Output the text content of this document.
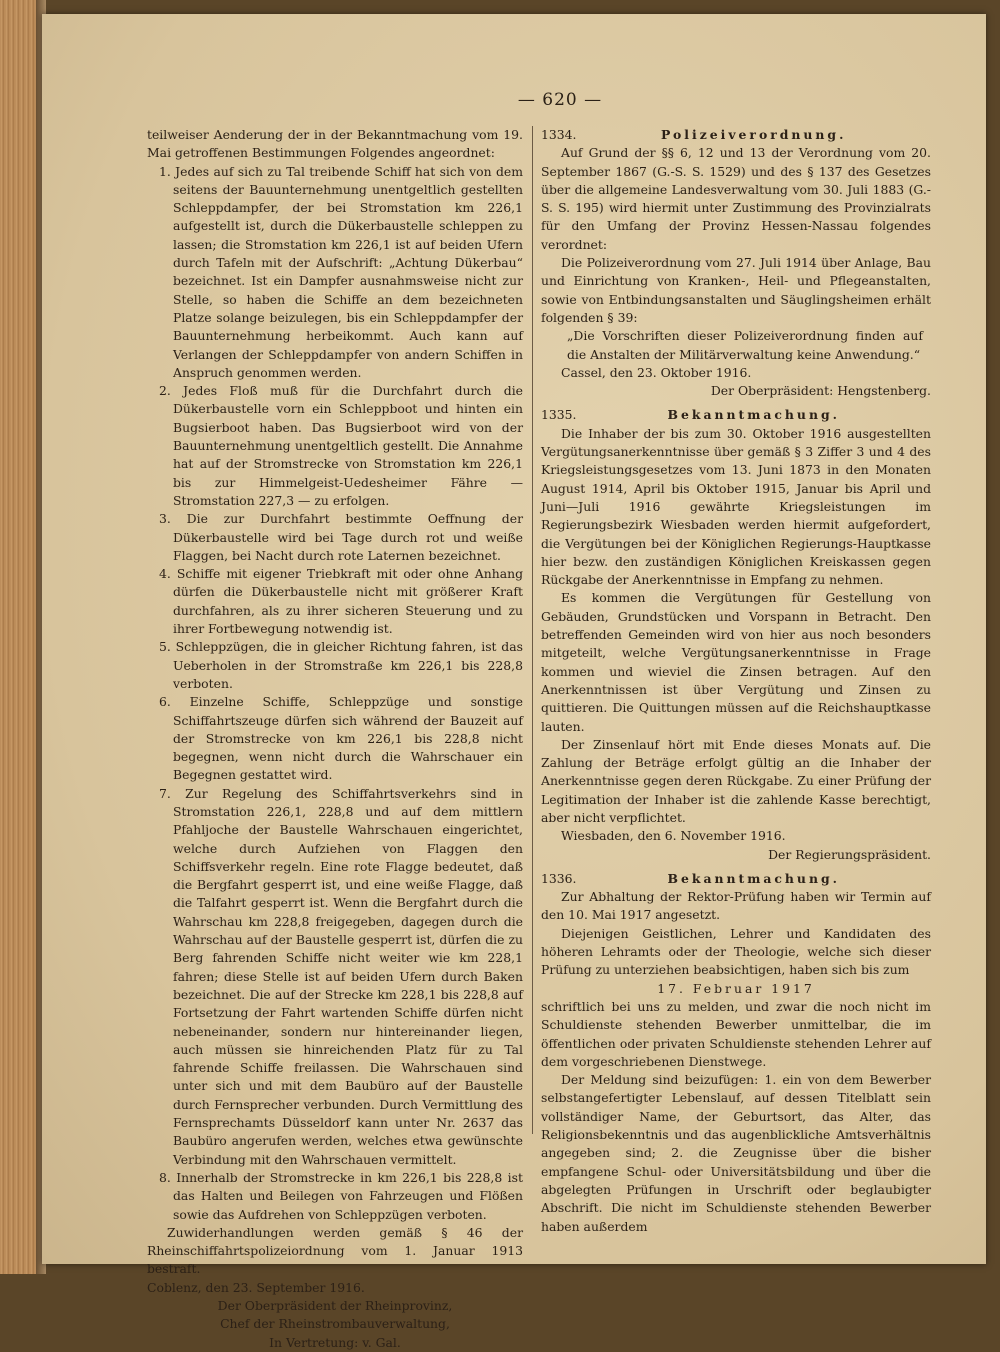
— 620 —

teilweiser Aenderung der in der Bekanntmachung vom 19. Mai getroffenen Bestimmungen Folgendes angeordnet:

1. Jedes auf sich zu Tal treibende Schiff hat sich von dem seitens der Bauunternehmung unentgeltlich gestellten Schleppdampfer, der bei Stromstation km 226,1 aufgestellt ist, durch die Dükerbaustelle schleppen zu lassen; die Stromstation km 226,1 ist auf beiden Ufern durch Tafeln mit der Aufschrift: „Achtung Dükerbau“ bezeichnet. Ist ein Dampfer ausnahmsweise nicht zur Stelle, so haben die Schiffe an dem bezeichneten Platze solange beizulegen, bis ein Schleppdampfer der Bauunternehmung herbeikommt. Auch kann auf Verlangen der Schleppdampfer von andern Schiffen in Anspruch genommen werden.

2. Jedes Floß muß für die Durchfahrt durch die Dükerbaustelle vorn ein Schleppboot und hinten ein Bugsierboot haben. Das Bugsierboot wird von der Bauunternehmung unentgeltlich gestellt. Die Annahme hat auf der Stromstrecke von Stromstation km 226,1 bis zur Himmelgeist-Uedesheimer Fähre — Stromstation 227,3 — zu erfolgen.

3. Die zur Durchfahrt bestimmte Oeffnung der Dükerbaustelle wird bei Tage durch rot und weiße Flaggen, bei Nacht durch rote Laternen bezeichnet.

4. Schiffe mit eigener Triebkraft mit oder ohne Anhang dürfen die Dükerbaustelle nicht mit größerer Kraft durchfahren, als zu ihrer sicheren Steuerung und zu ihrer Fortbewegung notwendig ist.

5. Schleppzügen, die in gleicher Richtung fahren, ist das Ueberholen in der Stromstraße km 226,1 bis 228,8 verboten.

6. Einzelne Schiffe, Schleppzüge und sonstige Schiffahrtszeuge dürfen sich während der Bauzeit auf der Stromstrecke von km 226,1 bis 228,8 nicht begegnen, wenn nicht durch die Wahrschauer ein Begegnen gestattet wird.

7. Zur Regelung des Schiffahrtsverkehrs sind in Stromstation 226,1, 228,8 und auf dem mittlern Pfahljoche der Baustelle Wahrschauen eingerichtet, welche durch Aufziehen von Flaggen den Schiffsverkehr regeln. Eine rote Flagge bedeutet, daß die Bergfahrt gesperrt ist, und eine weiße Flagge, daß die Talfahrt gesperrt ist. Wenn die Bergfahrt durch die Wahrschau km 228,8 freigegeben, dagegen durch die Wahrschau auf der Baustelle gesperrt ist, dürfen die zu Berg fahrenden Schiffe nicht weiter wie km 228,1 fahren; diese Stelle ist auf beiden Ufern durch Baken bezeichnet. Die auf der Strecke km 228,1 bis 228,8 auf Fortsetzung der Fahrt wartenden Schiffe dürfen nicht nebeneinander, sondern nur hintereinander liegen, auch müssen sie hinreichenden Platz für zu Tal fahrende Schiffe freilassen. Die Wahrschauen sind unter sich und mit dem Baubüro auf der Baustelle durch Fernsprecher verbunden. Durch Vermittlung des Fernsprechamts Düsseldorf kann unter Nr. 2637 das Baubüro angerufen werden, welches etwa gewünschte Verbindung mit den Wahrschauen vermittelt.

8. Innerhalb der Stromstrecke in km 226,1 bis 228,8 ist das Halten und Beilegen von Fahrzeugen und Flößen sowie das Aufdrehen von Schleppzügen verboten.

Zuwiderhandlungen werden gemäß § 46 der Rheinschiffahrtspolizeiordnung vom 1. Januar 1913 bestraft.

Coblenz, den 23. September 1916.

Der Oberpräsident der Rheinprovinz,

Chef der Rheinstrombauverwaltung,

In Vertretung: v. Gal.

1334.	Polizeiverordnung.

Auf Grund der §§ 6, 12 und 13 der Verordnung vom 20. September 1867 (G.-S. S. 1529) und des § 137 des Gesetzes über die allgemeine Landesverwaltung vom 30. Juli 1883 (G.-S. S. 195) wird hiermit unter Zustimmung des Provinzialrats für den Umfang der Provinz Hessen-Nassau folgendes verordnet:

Die Polizeiverordnung vom 27. Juli 1914 über Anlage, Bau und Einrichtung von Kranken-, Heil- und Pflegeanstalten, sowie von Entbindungsanstalten und Säuglingsheimen erhält folgenden § 39:

„Die Vorschriften dieser Polizeiverordnung finden auf die Anstalten der Militärverwaltung keine Anwendung.“

Cassel, den 23. Oktober 1916.

Der Oberpräsident: Hengstenberg.

1335.	Bekanntmachung.

Die Inhaber der bis zum 30. Oktober 1916 ausgestellten Vergütungsanerkenntnisse über gemäß § 3 Ziffer 3 und 4 des Kriegsleistungsgesetzes vom 13. Juni 1873 in den Monaten August 1914, April bis Oktober 1915, Januar bis April und Juni—Juli 1916 gewährte Kriegsleistungen im Regierungsbezirk Wiesbaden werden hiermit aufgefordert, die Vergütungen bei der Königlichen Regierungs-Hauptkasse hier bezw. den zuständigen Königlichen Kreiskassen gegen Rückgabe der Anerkenntnisse in Empfang zu nehmen.

Es kommen die Vergütungen für Gestellung von Gebäuden, Grundstücken und Vorspann in Betracht. Den betreffenden Gemeinden wird von hier aus noch besonders mitgeteilt, welche Vergütungsanerkenntnisse in Frage kommen und wieviel die Zinsen betragen. Auf den Anerkenntnissen ist über Vergütung und Zinsen zu quittieren. Die Quittungen müssen auf die Reichshauptkasse lauten.

Der Zinsenlauf hört mit Ende dieses Monats auf. Die Zahlung der Beträge erfolgt gültig an die Inhaber der Anerkenntnisse gegen deren Rückgabe. Zu einer Prüfung der Legitimation der Inhaber ist die zahlende Kasse berechtigt, aber nicht verpflichtet.

Wiesbaden, den 6. November 1916.

Der Regierungspräsident.

1336.	Bekanntmachung.

Zur Abhaltung der Rektor-Prüfung haben wir Termin auf den 10. Mai 1917 angesetzt.

Diejenigen Geistlichen, Lehrer und Kandidaten des höheren Lehramts oder der Theologie, welche sich dieser Prüfung zu unterziehen beabsichtigen, haben sich bis zum

17. Februar 1917

schriftlich bei uns zu melden, und zwar die noch nicht im Schuldienste stehenden Bewerber unmittelbar, die im öffentlichen oder privaten Schuldienste stehenden Lehrer auf dem vorgeschriebenen Dienstwege.

Der Meldung sind beizufügen: 1. ein von dem Bewerber selbstangefertigter Lebenslauf, auf dessen Titelblatt sein vollständiger Name, der Geburtsort, das Alter, das Religionsbekenntnis und das augenblickliche Amtsverhältnis angegeben sind; 2. die Zeugnisse über die bisher empfangene Schul- oder Universitätsbildung und über die abgelegten Prüfungen in Urschrift oder beglaubigter Abschrift. Die nicht im Schuldienste stehenden Bewerber haben außerdem
